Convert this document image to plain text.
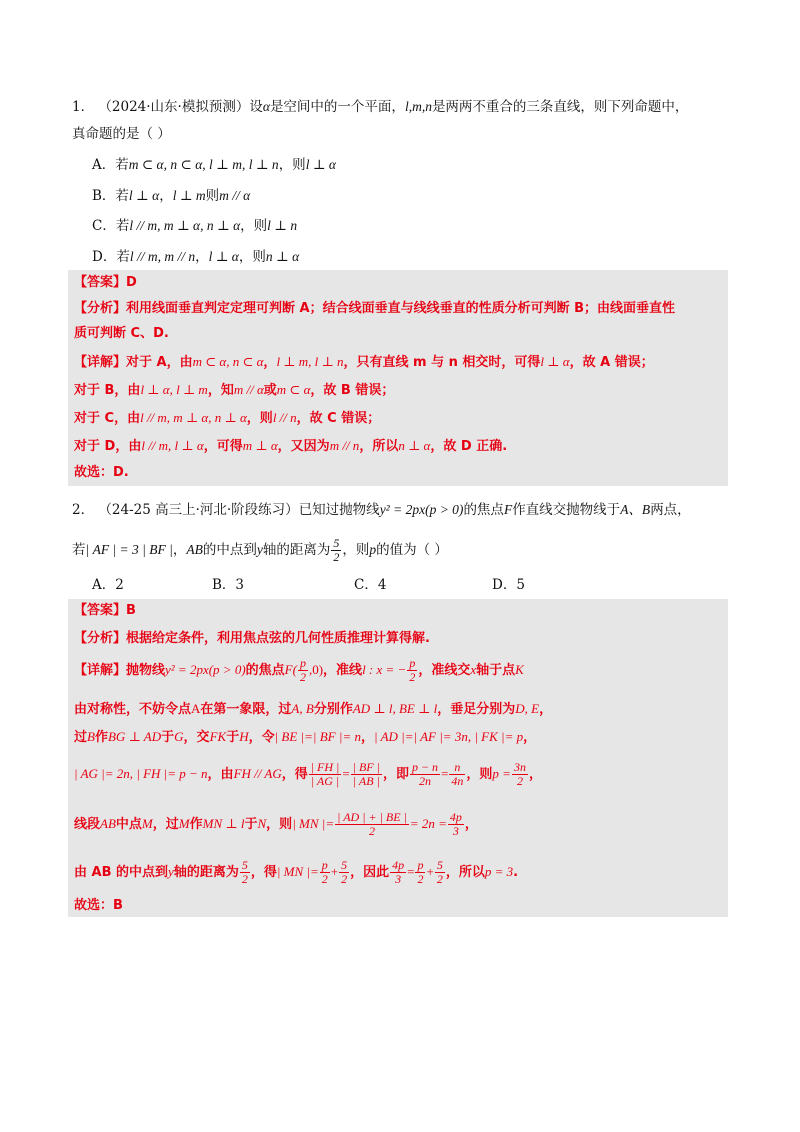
1． （2024·山东·模拟预测）设α是空间中的一个平面，l,m,n是两两不重合的三条直线，则下列命题中，
真命题的是（ ）
A．若m ⊂ α, n ⊂ α, l ⊥ m, l ⊥ n，则l ⊥ α
B．若l ⊥ α，l ⊥ m则m // α
C．若l // m, m ⊥ α, n ⊥ α，则l ⊥ n
D．若l // m, m // n，l ⊥ α，则n ⊥ α
【答案】D
【分析】利用线面垂直判定定理可判断 A；结合线面垂直与线线垂直的性质分析可判断 B；由线面垂直性
质可判断 C、D.
【详解】对于 A，由m ⊂ α, n ⊂ α，l ⊥ m, l ⊥ n，只有直线 m 与 n 相交时，可得l ⊥ α，故 A 错误；
对于 B，由l ⊥ α, l ⊥ m，知m // α或m ⊂ α，故 B 错误；
对于 C，由l // m, m ⊥ α, n ⊥ α，则l // n，故 C 错误；
对于 D，由l // m, l ⊥ α，可得m ⊥ α，又因为m // n，所以n ⊥ α，故 D 正确.
故选：D.
2． （24-25 高三上·河北·阶段练习）已知过抛物线y² = 2px(p > 0)的焦点F作直线交抛物线于A、B两点，
若| AF | = 3 | BF |，AB的中点到y轴的距离为 $\frac{5}{2}$ ，则p的值为（ ）
A．2	B．3	C．4	D．5
【答案】B
【分析】根据给定条件，利用焦点弦的几何性质推理计算得解.
【详解】抛物线y² = 2px(p > 0)的焦点$F( \frac{p}{2} ,0)$，准线l : x = − $\frac{p}{2}$ ，准线交x轴于点K
由对称性，不妨令点A在第一象限，过A, B分别作AD ⊥ l, BE ⊥ l，垂足分别为D, E，
过B作BG ⊥ AD于G，交FK于H，令| BE |=| BF |= n，| AD |=| AF |= 3n, | FK |= p，
| AG |= 2n, | FH |= p − n，由FH // AG，得 $\frac{| FH |}{| AG |} = \frac{| BF |}{| AB |}$ ，即 $\frac{p - n}{2n} = \frac{n}{4n}$ ，则$p = \frac{3n}{2}$ ，
线段AB中点M，过M作MN ⊥ l于N，则| MN |= $\frac{| AD | + | BE |}{2} = 2n = \frac{4p}{3}$ ，
由 AB 的中点到y轴的距离为 $\frac{5}{2}$ ，得| MN |= $\frac{p}{2} + \frac{5}{2}$ ，因此 $\frac{4p}{3} = \frac{p}{2} + \frac{5}{2}$ ，所以p = 3.
故选：B
